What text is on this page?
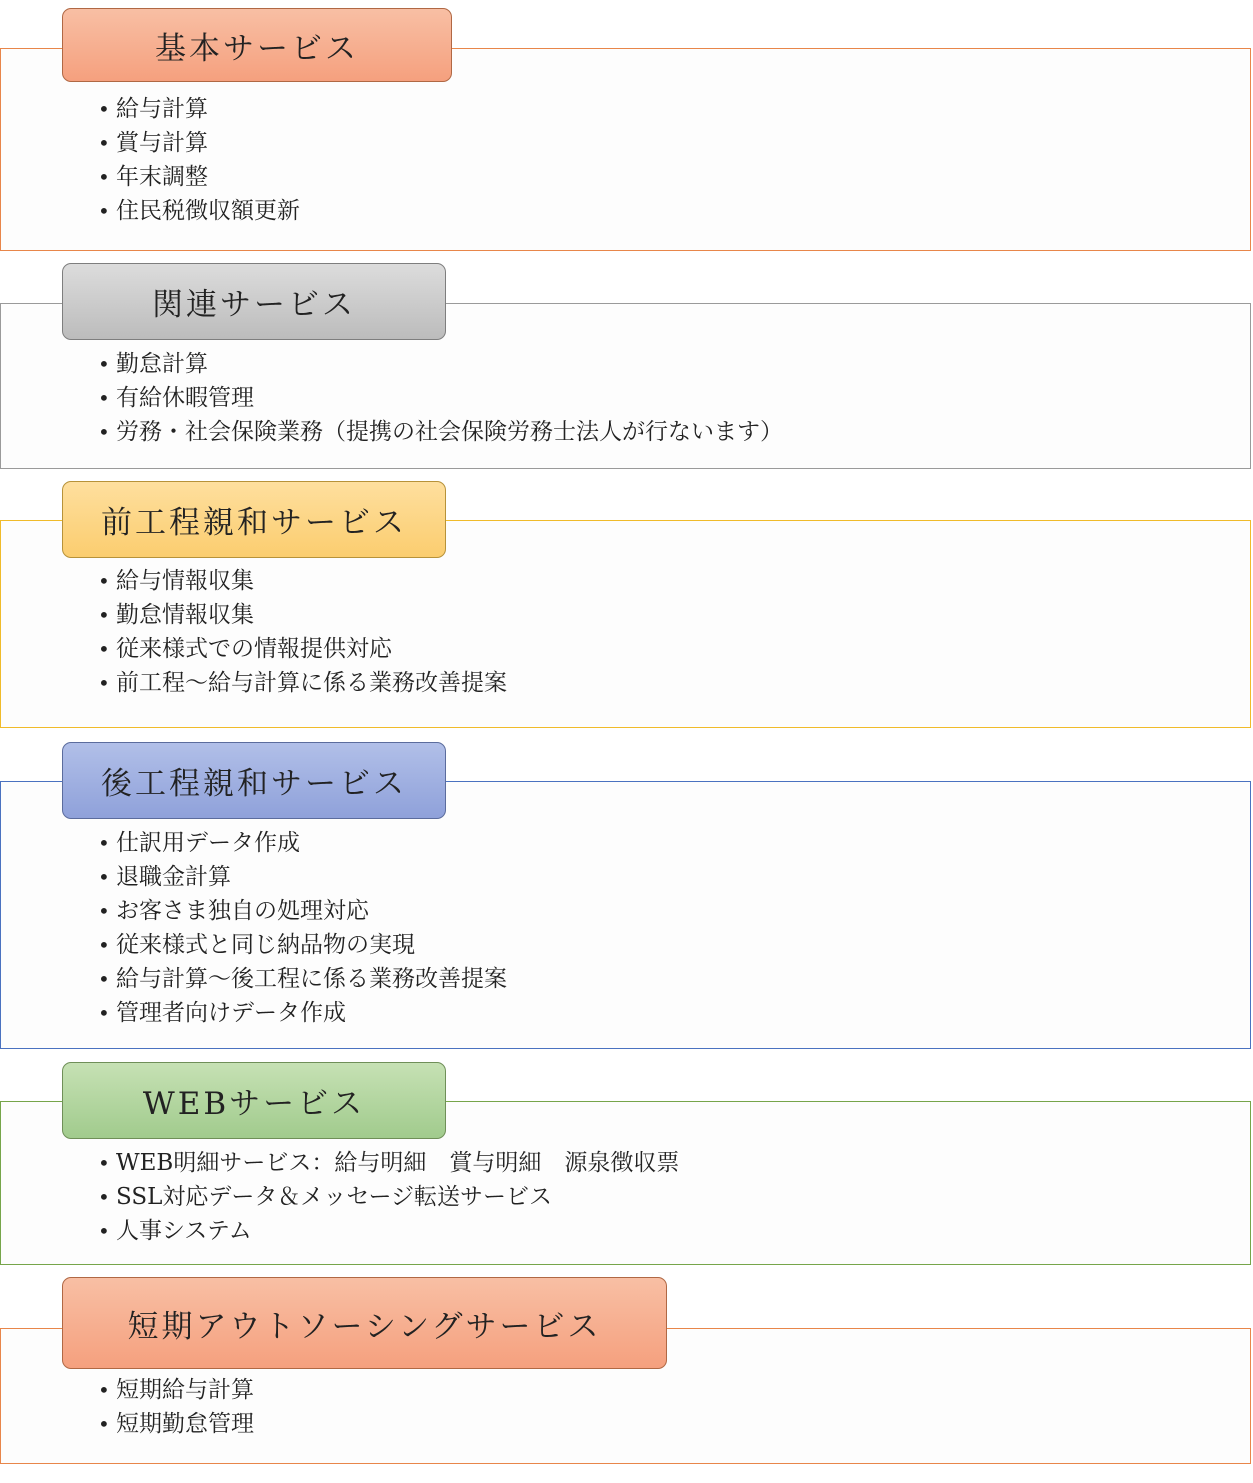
基本サービス
• 給与計算
• 賞与計算
• 年末調整
• 住民税徴収額更新
関連サービス
• 勤怠計算
• 有給休暇管理
• 労務・社会保険業務（提携の社会保険労務士法人が行ないます）
前工程親和サービス
• 給与情報収集
• 勤怠情報収集
• 従来様式での情報提供対応
• 前工程～給与計算に係る業務改善提案
後工程親和サービス
• 仕訳用データ作成
• 退職金計算
• お客さま独自の処理対応
• 従来様式と同じ納品物の実現
• 給与計算～後工程に係る業務改善提案
• 管理者向けデータ作成
WEBサービス
• WEB明細サービス：給与明細　賞与明細　源泉徴収票
• SSL対応データ＆メッセージ転送サービス
• 人事システム
短期アウトソーシングサービス
• 短期給与計算
• 短期勤怠管理
